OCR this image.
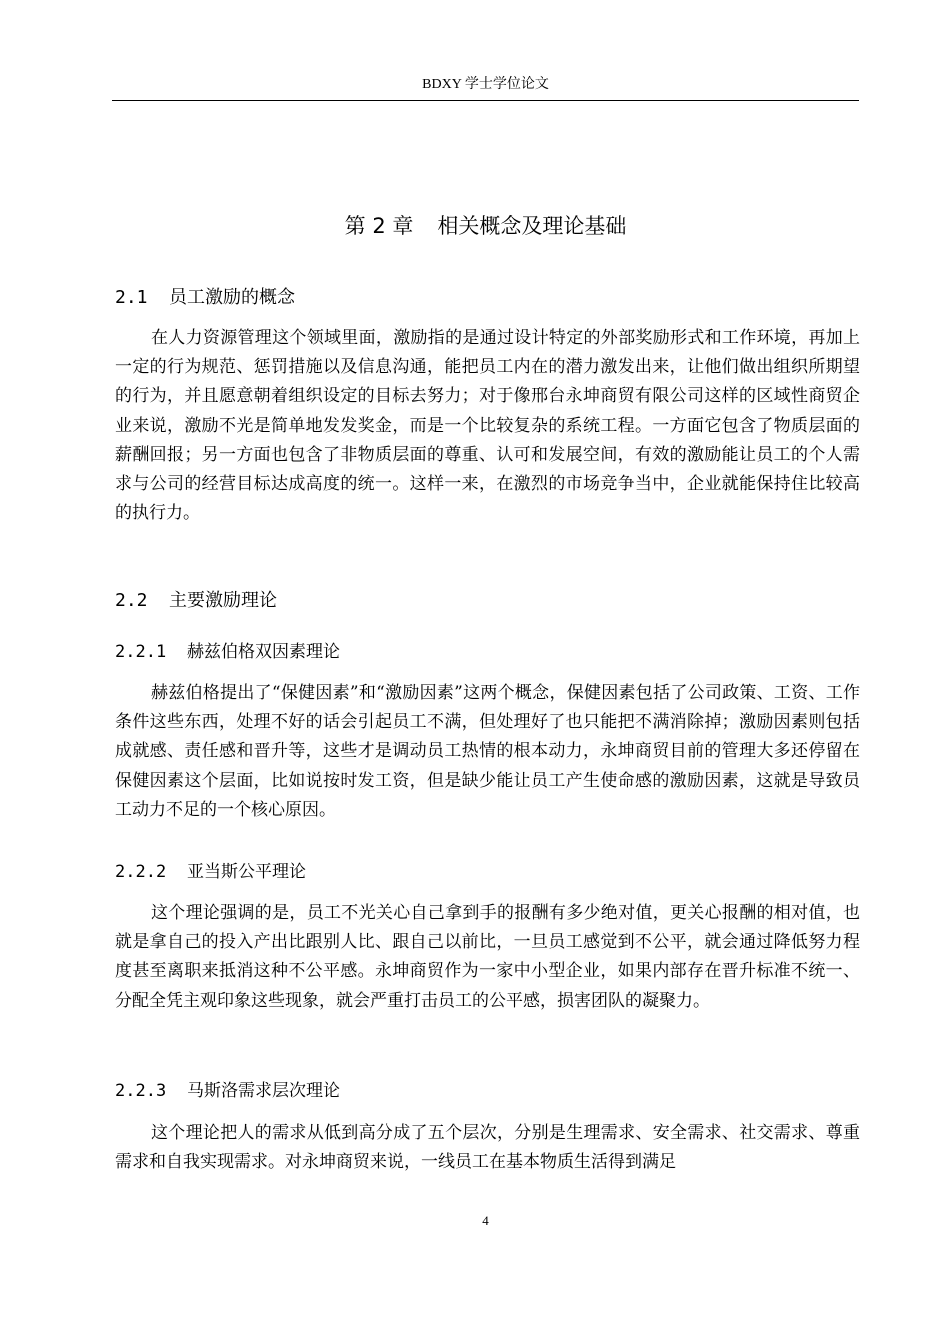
BDXY 学士学位论文
第 2 章 相关概念及理论基础
2.1 员工激励的概念

在人力资源管理这个领域里面，激励指的是通过设计特定的外部奖励形式和工作环境，再加上一定的行为规范、惩罚措施以及信息沟通，能把员工内在的潜力激发出来，让他们做出组织所期望的行为，并且愿意朝着组织设定的目标去努力；对于像邢台永坤商贸有限公司这样的区域性商贸企业来说，激励不光是简单地发发奖金，而是一个比较复杂的系统工程。一方面它包含了物质层面的薪酬回报；另一方面也包含了非物质层面的尊重、认可和发展空间，有效的激励能让员工的个人需求与公司的经营目标达成高度的统一。这样一来，在激烈的市场竞争当中，企业就能保持住比较高的执行力。

2.2 主要激励理论
2.2.1 赫兹伯格双因素理论

赫兹伯格提出了“保健因素”和“激励因素”这两个概念，保健因素包括了公司政策、工资、工作条件这些东西，处理不好的话会引起员工不满，但处理好了也只能把不满消除掉；激励因素则包括成就感、责任感和晋升等，这些才是调动员工热情的根本动力，永坤商贸目前的管理大多还停留在保健因素这个层面，比如说按时发工资，但是缺少能让员工产生使命感的激励因素，这就是导致员工动力不足的一个核心原因。

2.2.2 亚当斯公平理论

这个理论强调的是，员工不光关心自己拿到手的报酬有多少绝对值，更关心报酬的相对值，也就是拿自己的投入产出比跟别人比、跟自己以前比，一旦员工感觉到不公平，就会通过降低努力程度甚至离职来抵消这种不公平感。永坤商贸作为一家中小型企业，如果内部存在晋升标准不统一、分配全凭主观印象这些现象，就会严重打击员工的公平感，损害团队的凝聚力。

2.2.3 马斯洛需求层次理论

这个理论把人的需求从低到高分成了五个层次，分别是生理需求、安全需求、社交需求、尊重需求和自我实现需求。对永坤商贸来说，一线员工在基本物质生活得到满足

4
